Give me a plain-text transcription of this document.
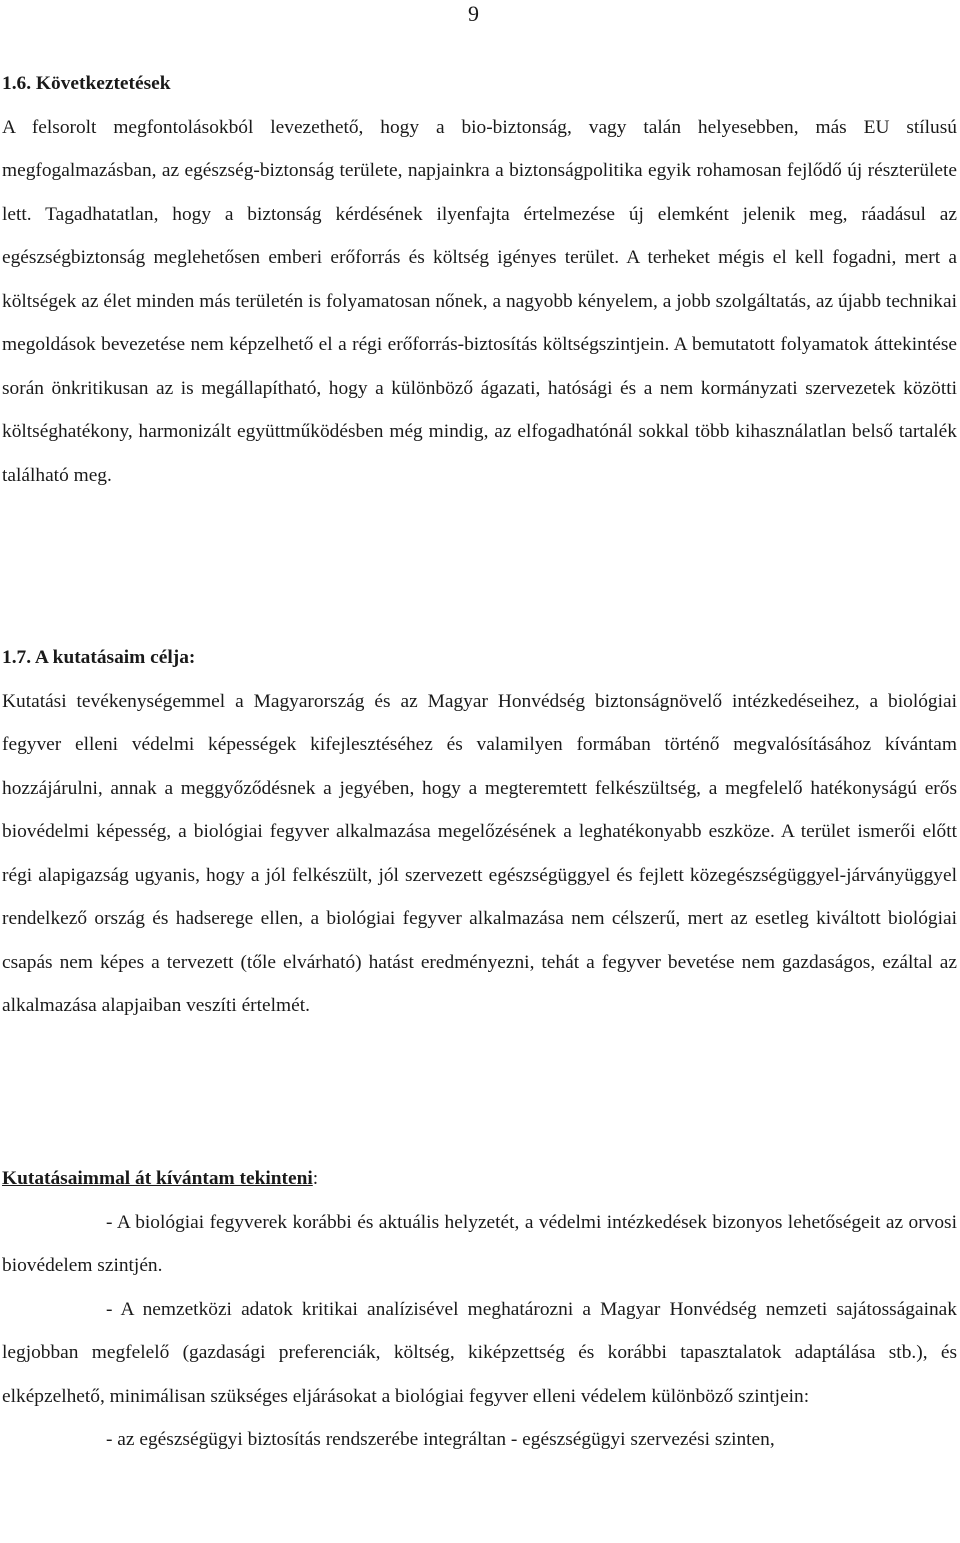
9
1.6. Következtetések

A felsorolt megfontolásokból levezethető, hogy a bio-biztonság, vagy talán helyesebben, más EU stílusú megfogalmazásban, az egészség-biztonság területe, napjainkra a biztonságpolitika egyik rohamosan fejlődő új részterülete lett. Tagadhatatlan, hogy a biztonság kérdésének ilyenfajta értelmezése új elemként jelenik meg, ráadásul az egészségbiztonság meglehetősen emberi erőforrás és költség igényes terület. A terheket mégis el kell fogadni, mert a költségek az élet minden más területén is folyamatosan nőnek, a nagyobb kényelem, a jobb szolgáltatás, az újabb technikai megoldások bevezetése nem képzelhető el a régi erőforrás-biztosítás költségszintjein. A bemutatott folyamatok áttekintése során önkritikusan az is megállapítható, hogy a különböző ágazati, hatósági és a nem kormányzati szervezetek közötti költséghatékony, harmonizált együttműködésben még mindig, az elfogadhatónál sokkal több kihasználatlan belső tartalék található meg.

1.7. A kutatásaim célja:

Kutatási tevékenységemmel a Magyarország és az Magyar Honvédség biztonságnövelő intézkedéseihez, a biológiai fegyver elleni védelmi képességek kifejlesztéséhez és valamilyen formában történő megvalósításához kívántam hozzájárulni, annak a meggyőződésnek a jegyében, hogy a megteremtett felkészültség, a megfelelő hatékonyságú erős biovédelmi képesség, a biológiai fegyver alkalmazása megelőzésének a leghatékonyabb eszköze. A terület ismerői előtt régi alapigazság ugyanis, hogy a jól felkészült, jól szervezett egészségüggyel és fejlett közegészségüggyel-járványüggyel rendelkező ország és hadserege ellen, a biológiai fegyver alkalmazása nem célszerű, mert az esetleg kiváltott biológiai csapás nem képes a tervezett (tőle elvárható) hatást eredményezni, tehát a fegyver bevetése nem gazdaságos, ezáltal az alkalmazása alapjaiban veszíti értelmét.

Kutatásaimmal át kívántam tekinteni:

- A biológiai fegyverek korábbi és aktuális helyzetét, a védelmi intézkedések bizonyos lehetőségeit az orvosi biovédelem szintjén.

- A nemzetközi adatok kritikai analízisével meghatározni a Magyar Honvédség nemzeti sajátosságainak legjobban megfelelő (gazdasági preferenciák, költség, kiképzettség és korábbi tapasztalatok adaptálása stb.), és elképzelhető, minimálisan szükséges eljárásokat a biológiai fegyver elleni védelem különböző szintjein:

- az egészségügyi biztosítás rendszerébe integráltan - egészségügyi szervezési szinten,
